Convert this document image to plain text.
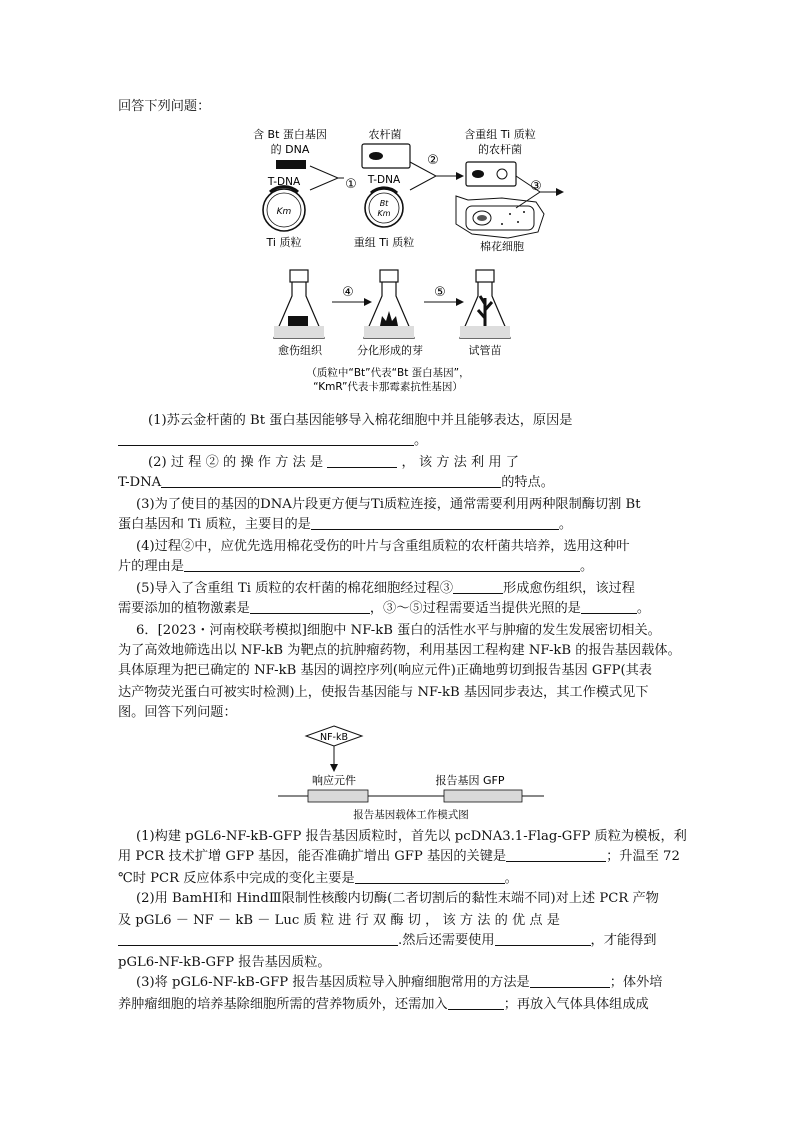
回答下列问题：
含 Bt 蛋白基因
的 DNA
T-DNA
Km
Ti 质粒
①
农杆菌
T-DNA
Bt
Km
重组 Ti 质粒
②
含重组 Ti 质粒
的农杆菌
棉花细胞
③
愈伤组织
④
分化形成的芽
⑤
试管苗
（质粒中“Bt”代表“Bt 蛋白基因”，
“KmR”代表卡那霉素抗性基因）
(1)苏云金杆菌的 Bt 蛋白基因能够导入棉花细胞中并且能够表达，原因是
。
(2) 过 程 ② 的 操 作 方 法 是	， 该 方 法 利 用 了
T-DNA	的特点。
(3)为了使目的基因的DNA片段更方便与Ti质粒连接，通常需要利用两种限制酶切割 Bt
蛋白基因和 Ti 质粒，主要目的是	。
(4)过程②中，应优先选用棉花受伤的叶片与含重组质粒的农杆菌共培养，选用这种叶
片的理由是	。
(5)导入了含重组 Ti 质粒的农杆菌的棉花细胞经过程③	形成愈伤组织，该过程
需要添加的植物激素是	，③～⑤过程需要适当提供光照的是	。
6．[2023・河南校联考模拟]细胞中 NF-kB 蛋白的活性水平与肿瘤的发生发展密切相关。
为了高效地筛选出以 NF-kB 为靶点的抗肿瘤药物，利用基因工程构建 NF-kB 的报告基因载体。
具体原理为把已确定的 NF-kB 基因的调控序列(响应元件)正确地剪切到报告基因 GFP(其表
达产物荧光蛋白可被实时检测)上，使报告基因能与 NF-kB 基因同步表达，其工作模式见下
图。回答下列问题：
NF-kB
响应元件	报告基因 GFP
报告基因载体工作模式图
(1)构建 pGL6-NF-kB-GFP 报告基因质粒时，首先以 pcDNA3.1-Flag-GFP 质粒为模板，利
用 PCR 技术扩增 GFP 基因，能否准确扩增出 GFP 基因的关键是	；升温至 72
℃时 PCR 反应体系中完成的变化主要是	。
(2)用 BamHⅠ和 HindⅢ限制性核酸内切酶(二者切割后的黏性末端不同)对上述 PCR 产物
及 pGL6 － NF － kB － Luc 质 粒 进 行 双 酶 切 ， 该 方 法 的 优 点 是
.然后还需要使用	，才能得到
pGL6-NF-kB-GFP 报告基因质粒。
(3)将 pGL6-NF-kB-GFP 报告基因质粒导入肿瘤细胞常用的方法是	；体外培
养肿瘤细胞的培养基除细胞所需的营养物质外，还需加入	；再放入气体具体组成成
